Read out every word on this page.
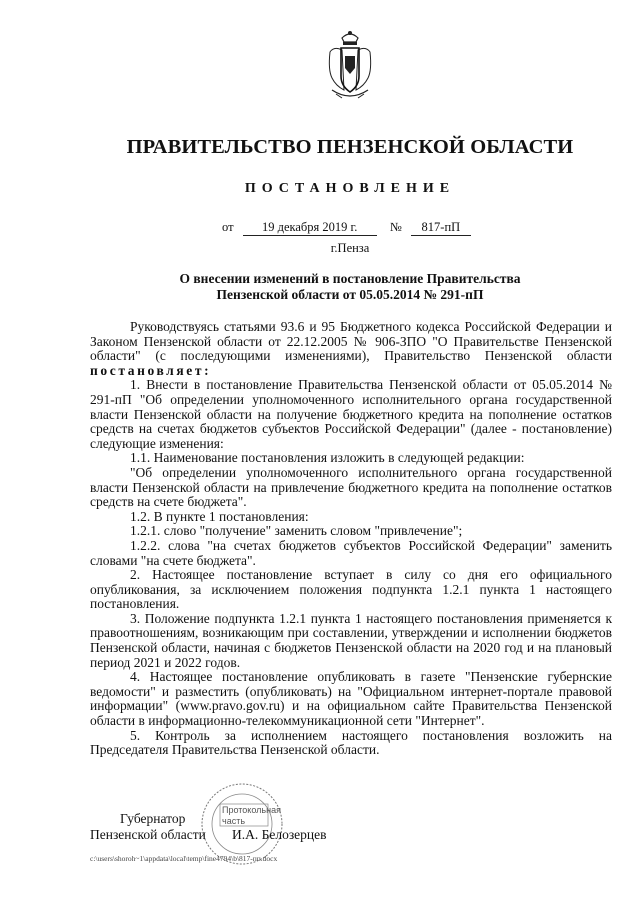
ПРАВИТЕЛЬСТВО ПЕНЗЕНСКОЙ ОБЛАСТИ
ПОСТАНОВЛЕНИЕ
от 19 декабря 2019 г.	№ 817-пП
г.Пенза
О внесении изменений в постановление Правительства
Пензенской области от 05.05.2014 № 291-пП

Руководствуясь статьями 93.6 и 95 Бюджетного кодекса Российской Федерации и Законом Пензенской области от 22.12.2005 № 906-ЗПО "О Правительстве Пензенской области" (с последующими изменениями), Правительство Пензенской области постановляет:

1. Внести в постановление Правительства Пензенской области от 05.05.2014 № 291-пП "Об определении уполномоченного исполнительного органа государственной власти Пензенской области на получение бюджетного кредита на пополнение остатков средств на счетах бюджетов субъектов Российской Федерации" (далее - постановление) следующие изменения:

1.1. Наименование постановления изложить в следующей редакции:

"Об определении уполномоченного исполнительного органа государственной власти Пензенской области на привлечение бюджетного кредита на пополнение остатков средств на счете бюджета".

1.2. В пункте 1 постановления:

1.2.1. слово "получение" заменить словом "привлечение";

1.2.2. слова "на счетах бюджетов субъектов Российской Федерации" заменить словами "на счете бюджета".

2. Настоящее постановление вступает в силу со дня его официального опубликования, за исключением положения подпункта 1.2.1 пункта 1 настоящего постановления.

3. Положение подпункта 1.2.1 пункта 1 настоящего постановления применяется к правоотношениям, возникающим при составлении, утверждении и исполнении бюджетов Пензенской области, начиная с бюджетов Пензенской области на 2020 год и на плановый период 2021 и 2022 годов.

4. Настоящее постановление опубликовать в газете "Пензенские губернские ведомости" и разместить (опубликовать) на "Официальном интернет-портале правовой информации" (www.pravo.gov.ru) и на официальном сайте Правительства Пензенской области в информационно-телекоммуникационной сети "Интернет".

5. Контроль за исполнением настоящего постановления возложить на Председателя Правительства Пензенской области.

Протокольная
часть
Губернатор
Пензенской области И.А. Белозерцев
c:\users\shoroh~1\appdata\local\temp\fine4794\b\817-пп.docx
